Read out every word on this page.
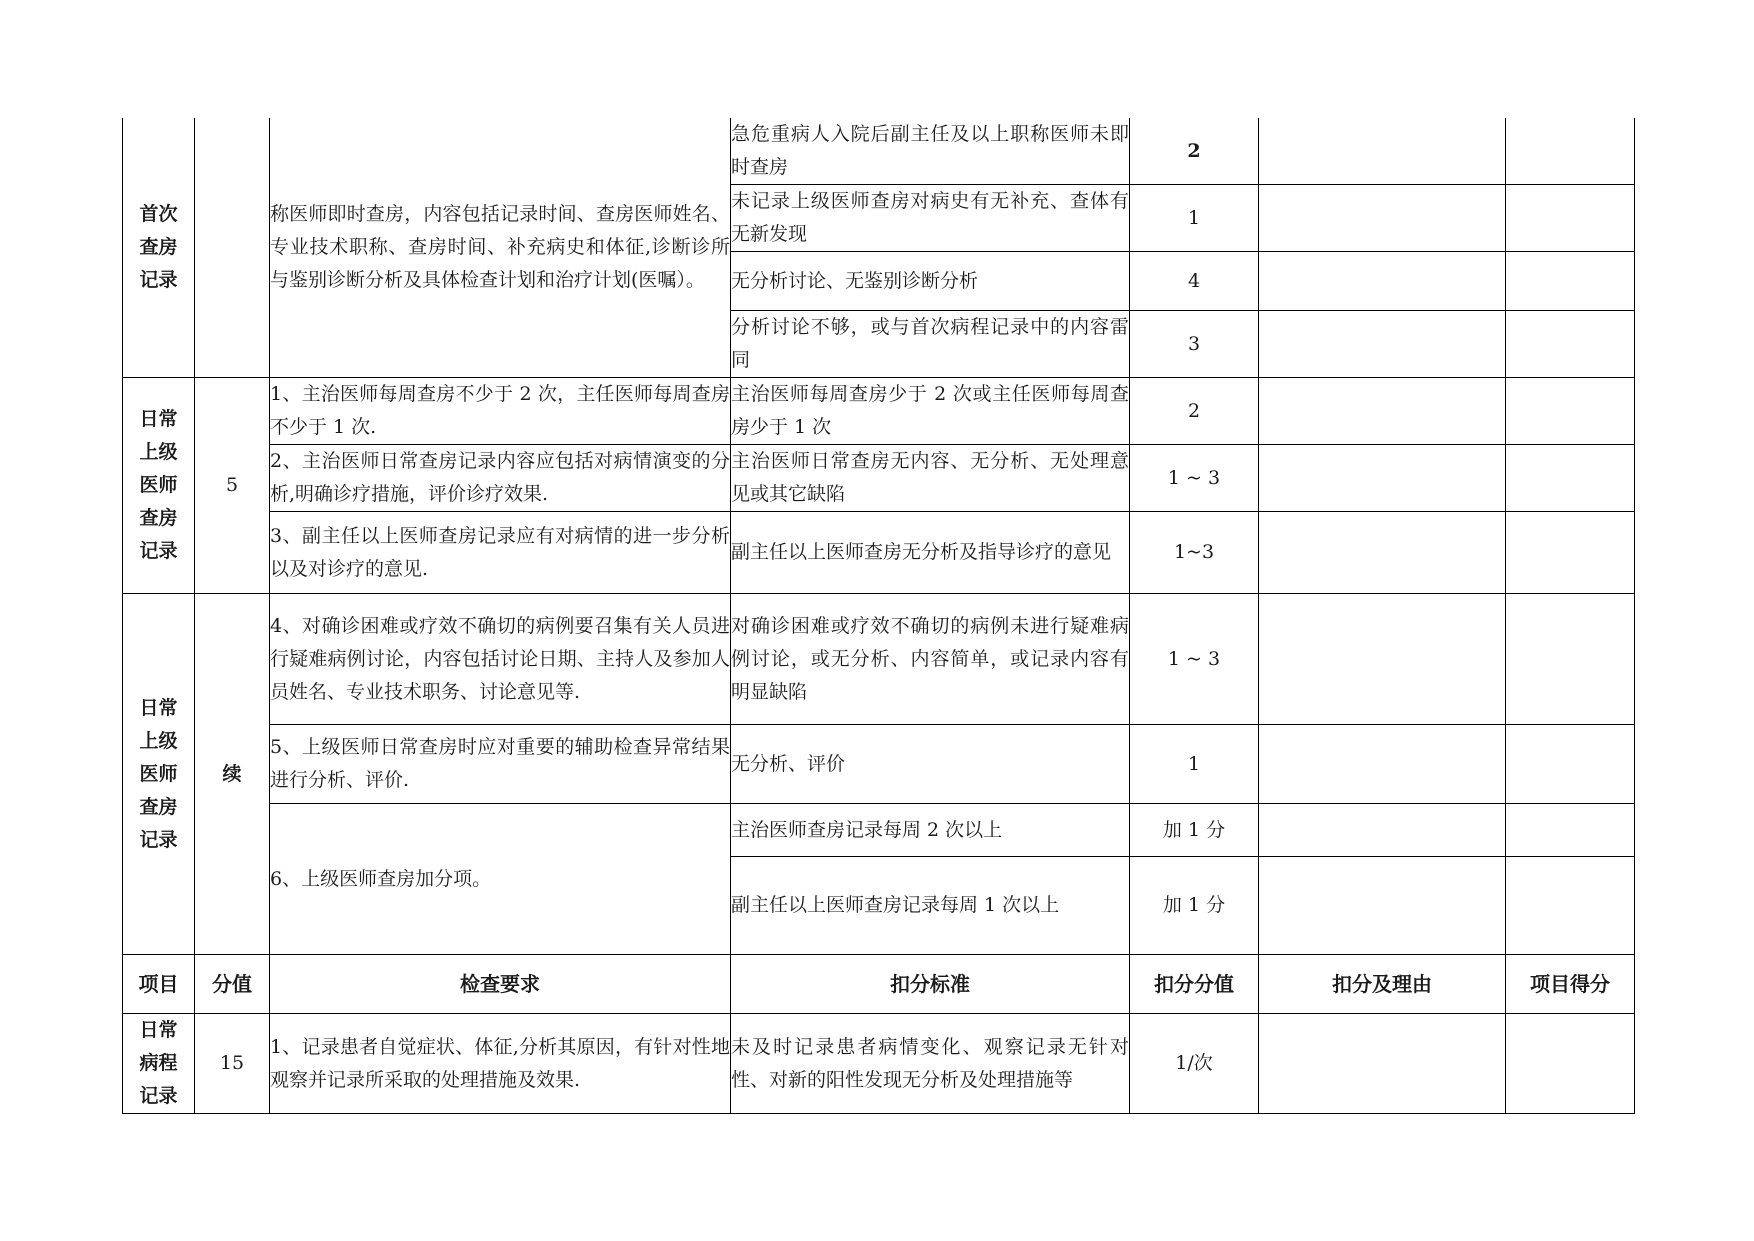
首次
查房
记录		称医师即时查房，内容包括记录时间、查房医师姓名、专业技术职称、查房时间、补充病史和体征,诊断诊所与鉴别诊断分析及具体检查计划和治疗计划(医嘱）。	急危重病人入院后副主任及以上职称医师未即时查房	2		
			未记录上级医师查房对病史有无补充、查体有无新发现	1		
			无分析讨论、无鉴别诊断分析	4		
			分析讨论不够，或与首次病程记录中的内容雷同	3		

日常
上级
医师
查房
记录	5	1、主治医师每周查房不少于 2 次，主任医师每周查房不少于 1 次.	主治医师每周查房少于 2 次或主任医师每周查房少于 1 次	2		
		2、主治医师日常查房记录内容应包括对病情演变的分析,明确诊疗措施，评价诊疗效果.	主治医师日常查房无内容、无分析、无处理意见或其它缺陷	1 ~ 3		
		3、副主任以上医师查房记录应有对病情的进一步分析以及对诊疗的意见.	副主任以上医师查房无分析及指导诊疗的意见	1~3		

日常
上级
医师
查房
记录	续	4、对确诊困难或疗效不确切的病例要召集有关人员进行疑难病例讨论，内容包括讨论日期、主持人及参加人员姓名、专业技术职务、讨论意见等.	对确诊困难或疗效不确切的病例未进行疑难病例讨论，或无分析、内容简单，或记录内容有明显缺陷	1 ~ 3		
		5、上级医师日常查房时应对重要的辅助检查异常结果进行分析、评价.	无分析、评价	1		
		6、上级医师查房加分项。	主治医师查房记录每周 2 次以上	加 1 分		
			副主任以上医师查房记录每周 1 次以上	加 1 分		
项目	分值	检查要求	扣分标准	扣分分值	扣分及理由	项目得分

日常
病程
记录	15	1、记录患者自觉症状、体征,分析其原因，有针对性地观察并记录所采取的处理措施及效果.	未及时记录患者病情变化、观察记录无针对性、对新的阳性发现无分析及处理措施等	1/次		
